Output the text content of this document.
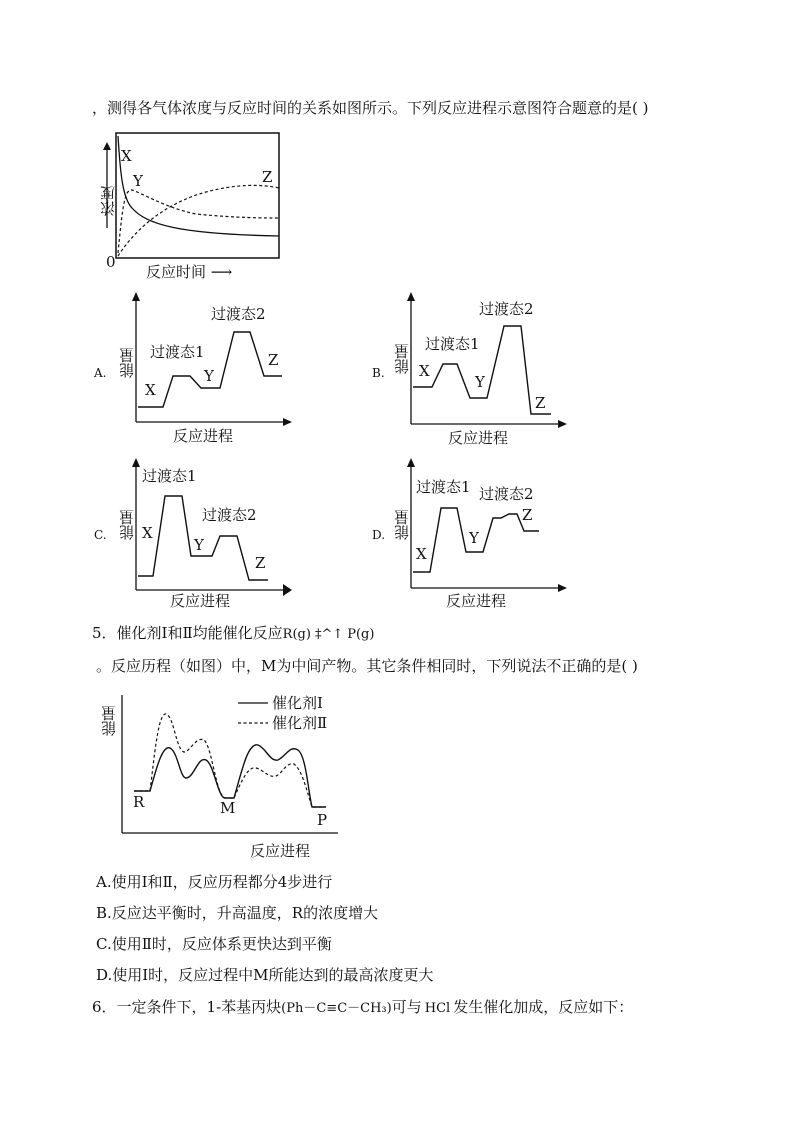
，测得各气体浓度与反应时间的关系如图所示。下列反应进程示意图符合题意的是( )
X
Y	Z
0
浓度
反应时间 ⟶
A. 能量
X
Y
Z
过渡态1
过渡态2
反应进程
B. 能量 X
Y
Z
过渡态1
过渡态2
反应进程
C. 能量 X
Y
Z
过渡态1
过渡态2
反应进程
D. 能量
X
Y
Z
过渡态1 过渡态2
反应进程
5．催化剂Ⅰ和Ⅱ均能催化反应R(g) ‡^↑ P(g)
。反应历程（如图）中，M为中间产物。其它条件相同时，下列说法不正确的是( )
能量
催化剂Ⅰ
催化剂Ⅱ
R	M
P
反应进程
A.使用Ⅰ和Ⅱ，反应历程都分4步进行
B.反应达平衡时，升高温度，R的浓度增大
C.使用Ⅱ时，反应体系更快达到平衡
D.使用Ⅰ时，反应过程中M所能达到的最高浓度更大
6．一定条件下，1-苯基丙炔(Ph－C≡C－CH₃)可与 HCl 发生催化加成，反应如下：
